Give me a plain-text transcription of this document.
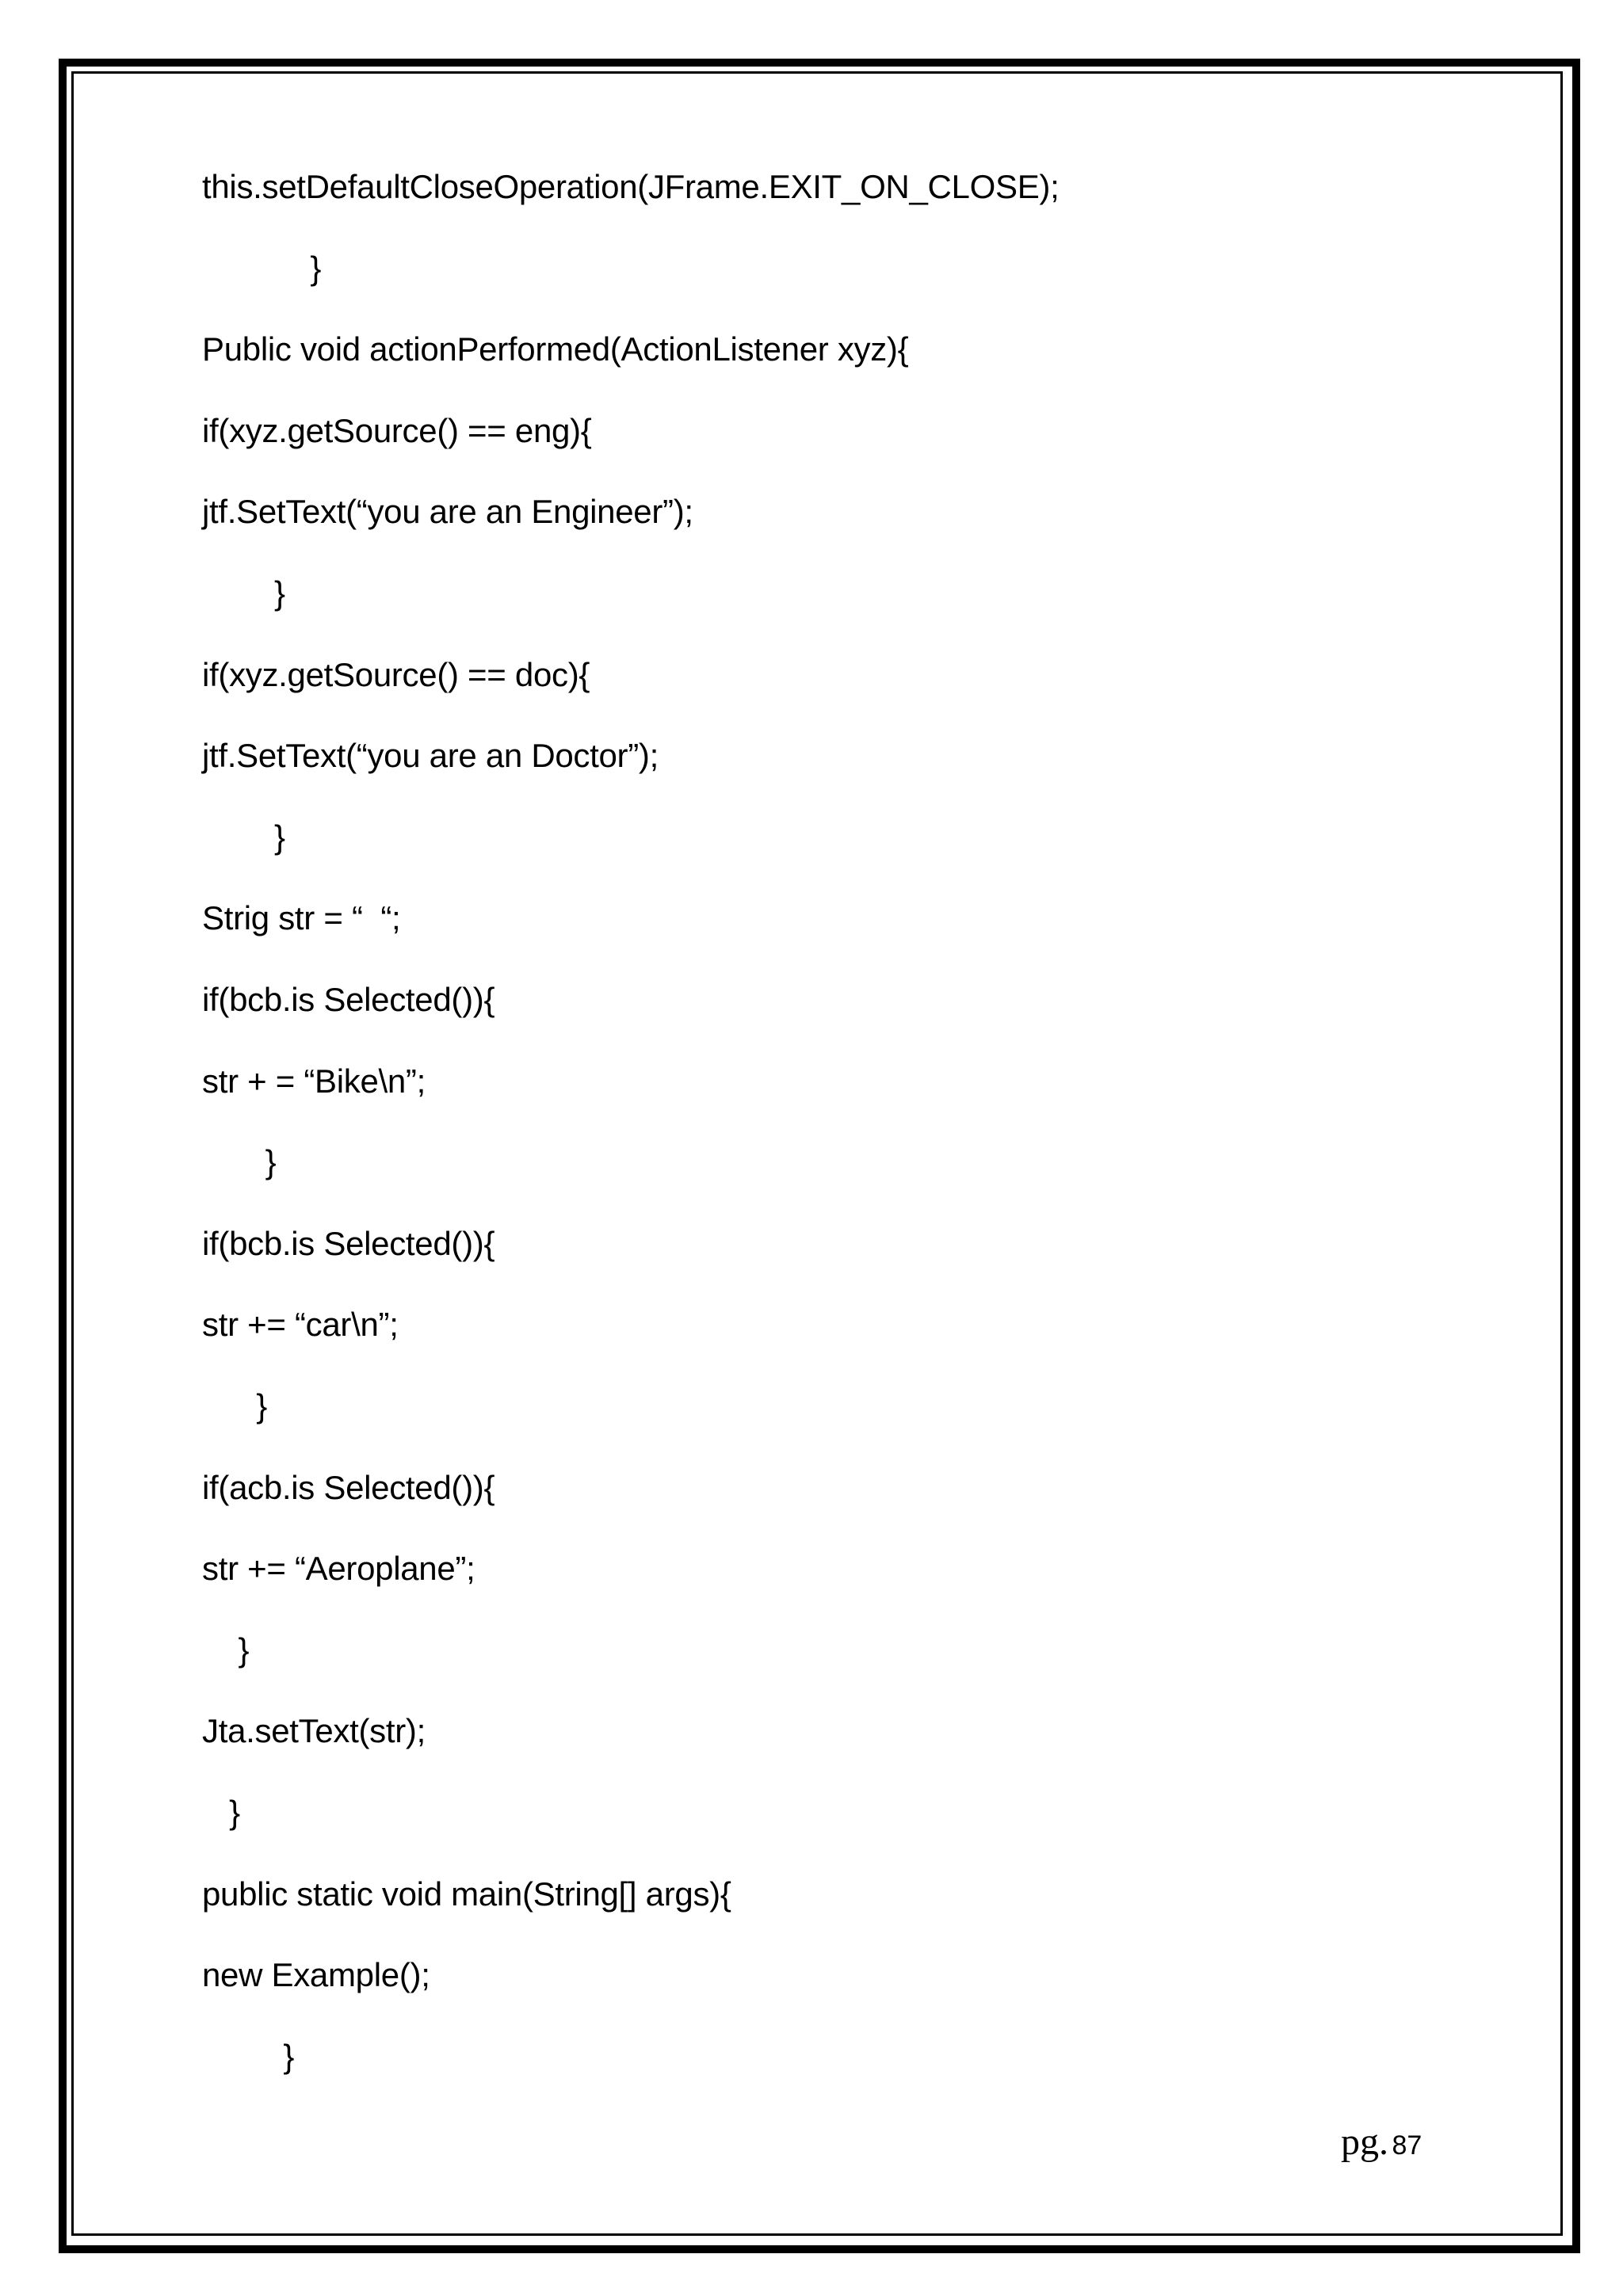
this.setDefaultCloseOperation(JFrame.EXIT_ON_CLOSE);
}
Public void actionPerformed(ActionListener xyz){
if(xyz.getSource() == eng){
jtf.SetText(“you are an Engineer”);
}
if(xyz.getSource() == doc){
jtf.SetText(“you are an Doctor”);
}
Strig str = “  “;
if(bcb.is Selected()){
str + = “Bike\n”;
}
if(bcb.is Selected()){
str += “car\n”;
}
if(acb.is Selected()){
str += “Aeroplane”;
}
Jta.setText(str);
}
public static void main(String[] args){
new Example();
}
pg. 87
